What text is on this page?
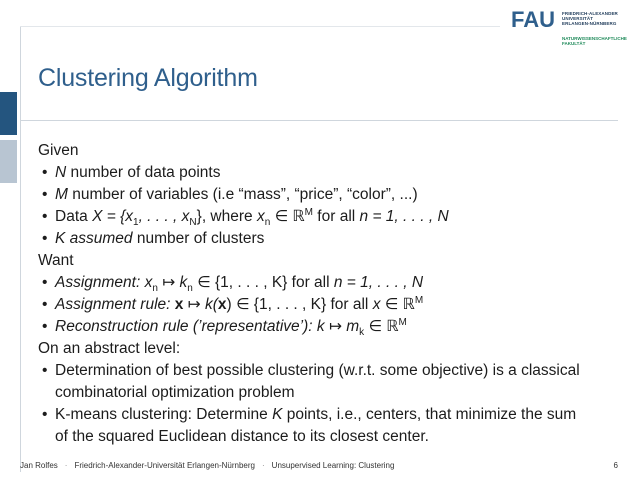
FAU FRIEDRICH-ALEXANDER
UNIVERSITÄT
ERLANGEN-NÜRNBERG
NATURWISSENSCHAFTLICHE
FAKULTÄT
Clustering Algorithm
Given
• N number of data points
• M number of variables (i.e “mass”, “price”, “color”, ...)
• Data $X = \{x_1$, . . . , $x_N$}, where $x_n$ ∈ ℝ$^M$ for all n = 1, . . . , N
• K assumed number of clusters
Want
• Assignment: $x_n$ ↦ $k_n$ ∈ {1, . . . , K} for all n = 1, . . . , N
• Assignment rule: x ↦ k(x) ∈ {1, . . . , K} for all x ∈ ℝ$^M$
• Reconstruction rule (’representative’): k ↦ $m_k$ ∈ ℝ$^M$
On an abstract level:
• Determination of best possible clustering (w.r.t. some objective) is a classical
combinatorial optimization problem
• K-means clustering: Determine K points, i.e., centers, that minimize the sum
of the squared Euclidean distance to its closest center.
Jan Rolfes · Friedrich-Alexander-Universität Erlangen-Nürnberg · Unsupervised Learning: Clustering	6
